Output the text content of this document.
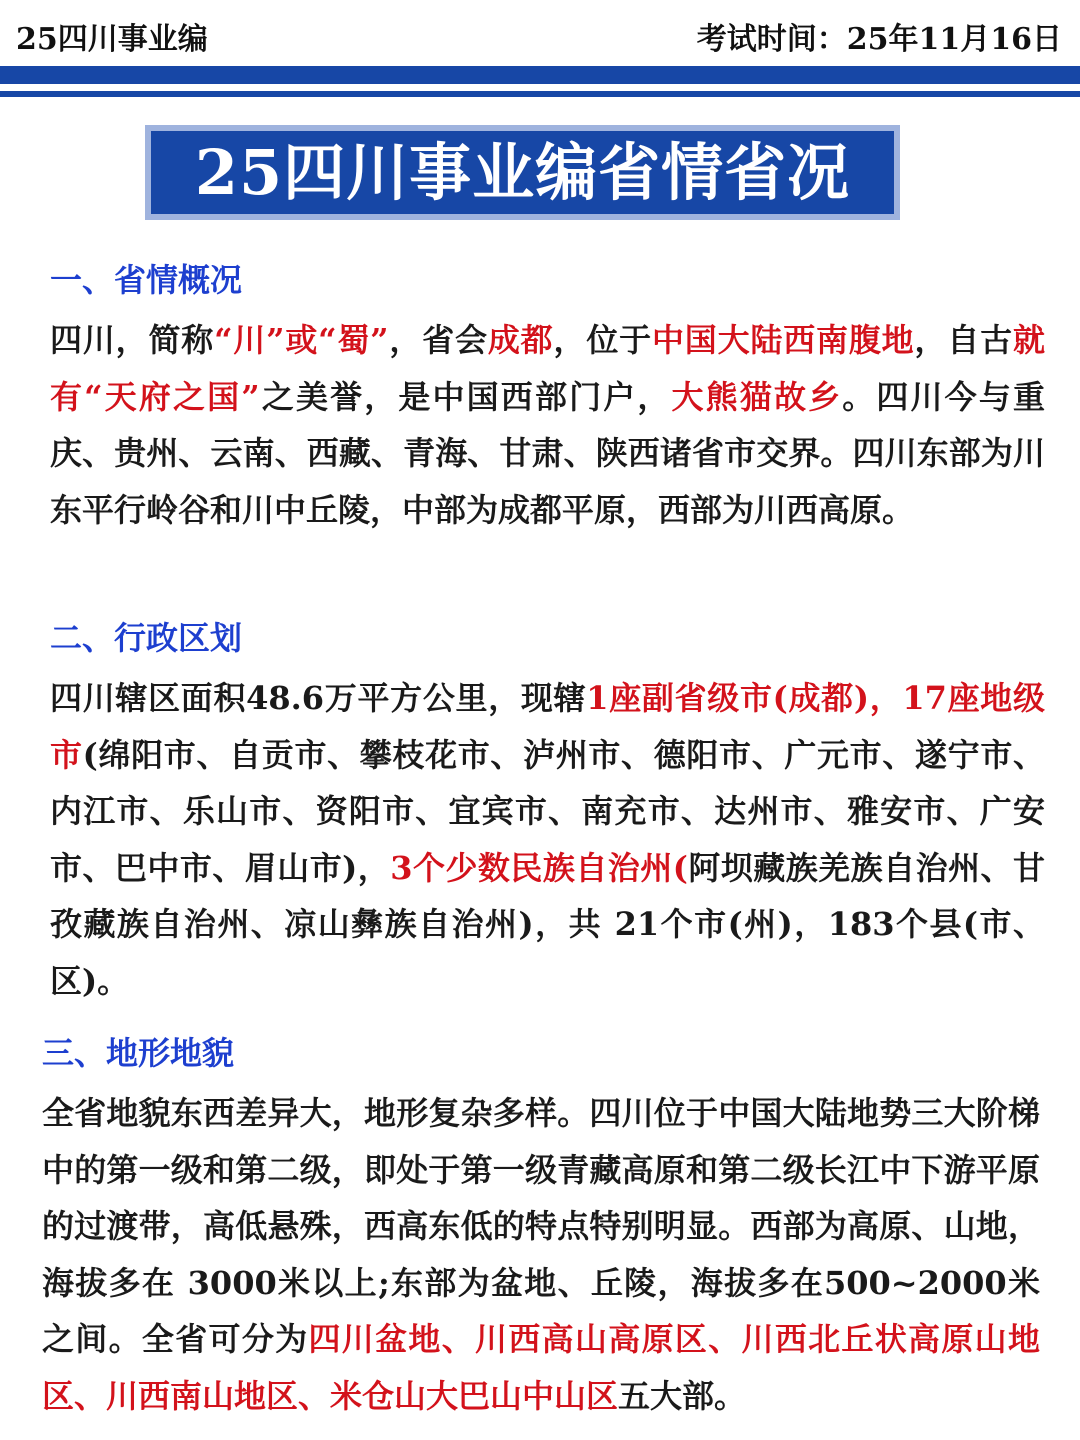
25四川事业编	考试时间：25年11月16日
25四川事业编省情省况
一、省情概况
四川，简称“川”或“蜀”，省会成都，位于中国大陆西南腹地，自古就有“天府之国”之美誉，是中国西部门户，大熊猫故乡。四川今与重庆、贵州、云南、西藏、青海、甘肃、陕西诸省市交界。四川东部为川东平行岭谷和川中丘陵，中部为成都平原，西部为川西高原。
二、行政区划
四川辖区面积48.6万平方公里，现辖1座副省级市(成都)，17座地级市(绵阳市、自贡市、攀枝花市、泸州市、德阳市、广元市、遂宁市、内江市、乐山市、资阳市、宜宾市、南充市、达州市、雅安市、广安市、巴中市、眉山市)，3个少数民族自治州(阿坝藏族羌族自治州、甘孜藏族自治州、凉山彝族自治州)，共 21个市(州)，183个县(市、区)。
三、地形地貌
全省地貌东西差异大，地形复杂多样。四川位于中国大陆地势三大阶梯中的第一级和第二级，即处于第一级青藏高原和第二级长江中下游平原的过渡带，高低悬殊，西高东低的特点特别明显。西部为高原、山地，海拔多在 3000米以上;东部为盆地、丘陵，海拔多在500~2000米之间。全省可分为四川盆地、川西高山高原区、川西北丘状高原山地区、川西南山地区、米仓山大巴山中山区五大部。
